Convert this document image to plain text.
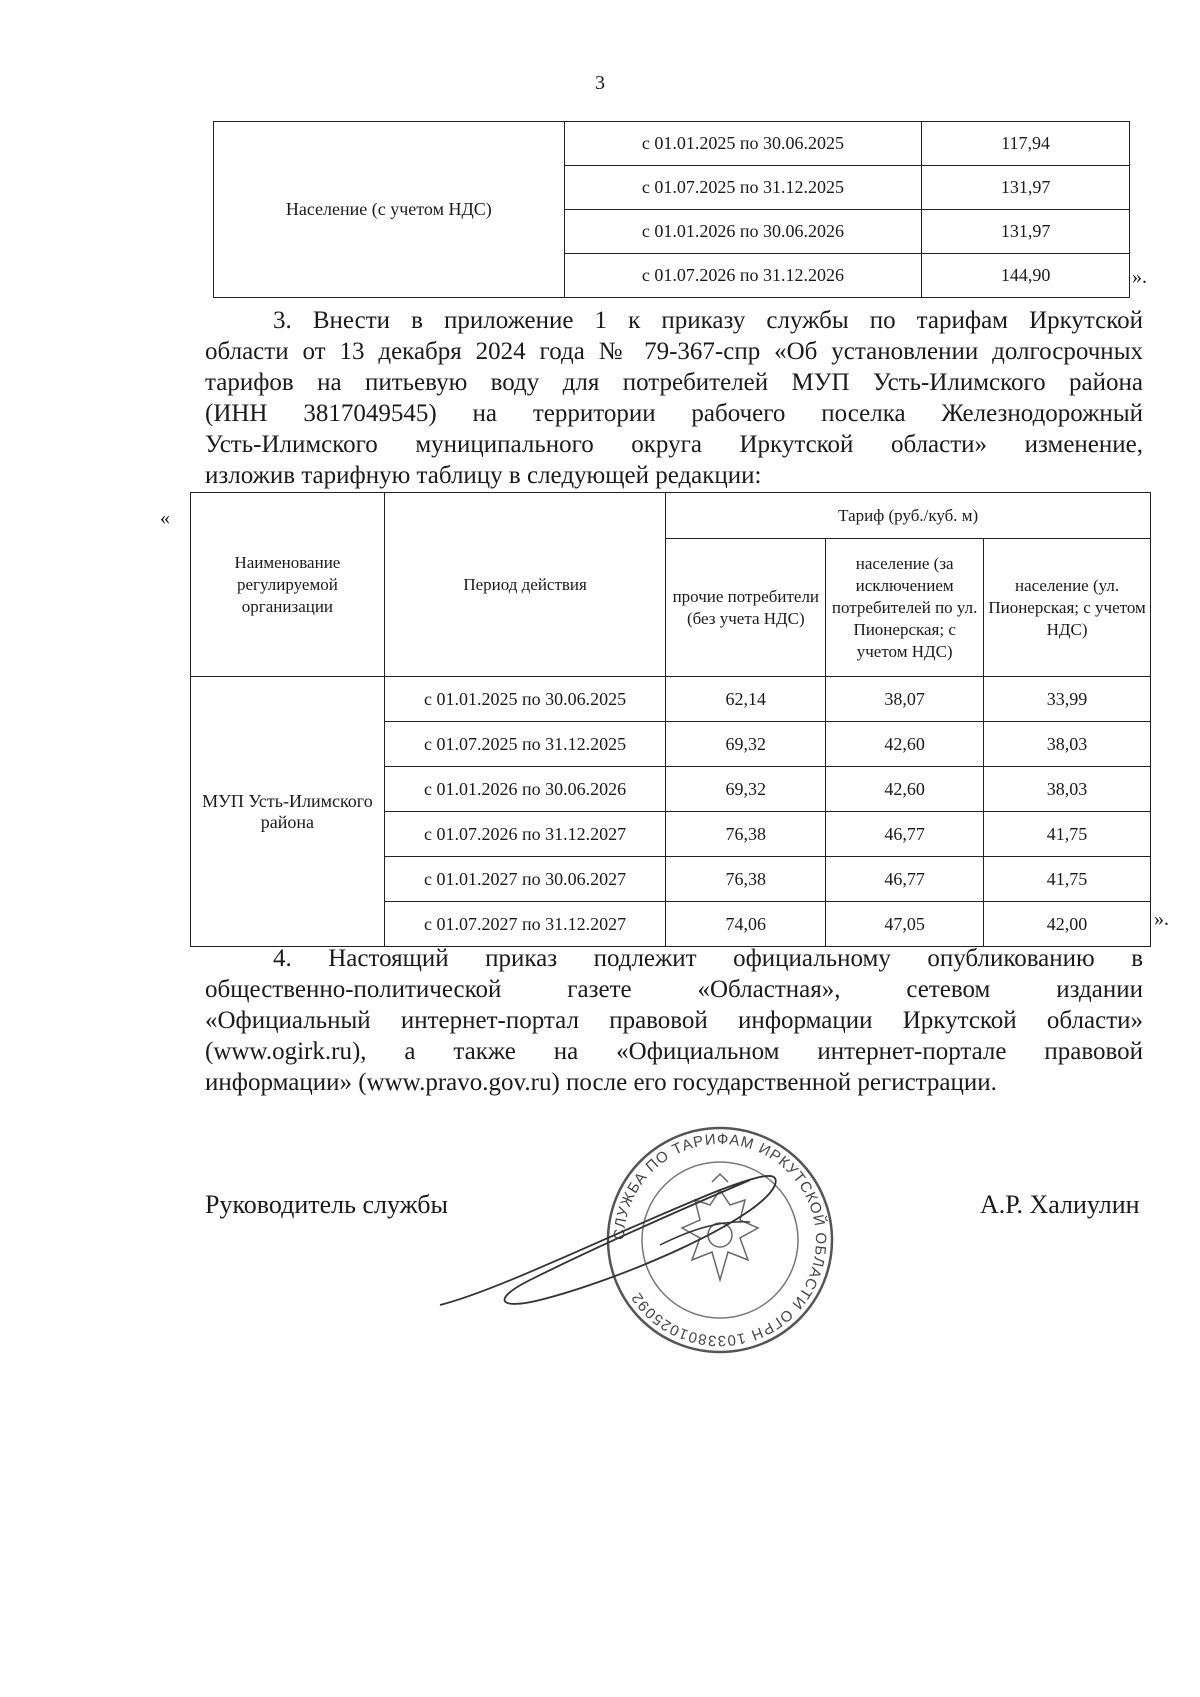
3
Население (с учетом НДС)	с 01.01.2025 по 30.06.2025	117,94
	с 01.07.2025 по 31.12.2025	131,97
	с 01.01.2026 по 30.06.2026	131,97
	с 01.07.2026 по 31.12.2026	144,90	».
3. Внести в приложение 1 к приказу службы по тарифам Иркутской
области от 13 декабря 2024 года № 79-367-спр «Об установлении долгосрочных
тарифов на питьевую воду для потребителей МУП Усть-Илимского района
(ИНН 3817049545) на территории рабочего поселка Железнодорожный
Усть-Илимского муниципального округа Иркутской области» изменение,
изложив тарифную таблицу в следующей редакции:
«
Наименование регулируемой организации	Период действия	Тариф (руб./куб. м)		
		прочие потребители (без учета НДС)	население (за исключением потребителей по ул. Пионерская; с учетом НДС)	население (ул. Пионерская; с учетом НДС)
МУП Усть-Илимского района	с 01.01.2025 по 30.06.2025	62,14	38,07	33,99
	с 01.07.2025 по 31.12.2025	69,32	42,60	38,03
	с 01.01.2026 по 30.06.2026	69,32	42,60	38,03
	с 01.07.2026 по 31.12.2027	76,38	46,77	41,75
	с 01.01.2027 по 30.06.2027	76,38	46,77	41,75
	с 01.07.2027 по 31.12.2027	74,06	47,05	42,00	».
4. Настоящий приказ подлежит официальному опубликованию в
общественно-политической газете «Областная», сетевом издании
«Официальный интернет-портал правовой информации Иркутской области»
(www.ogirk.ru), а также на «Официальном интернет-портале правовой
информации» (www.pravo.gov.ru) после его государственной регистрации.
Руководитель службы	А.Р. Халиулин
СЛУЖБА ПО ТАРИФАМ ИРКУТСКОЙ ОБЛАСТИ ОГРН 1033801025092
